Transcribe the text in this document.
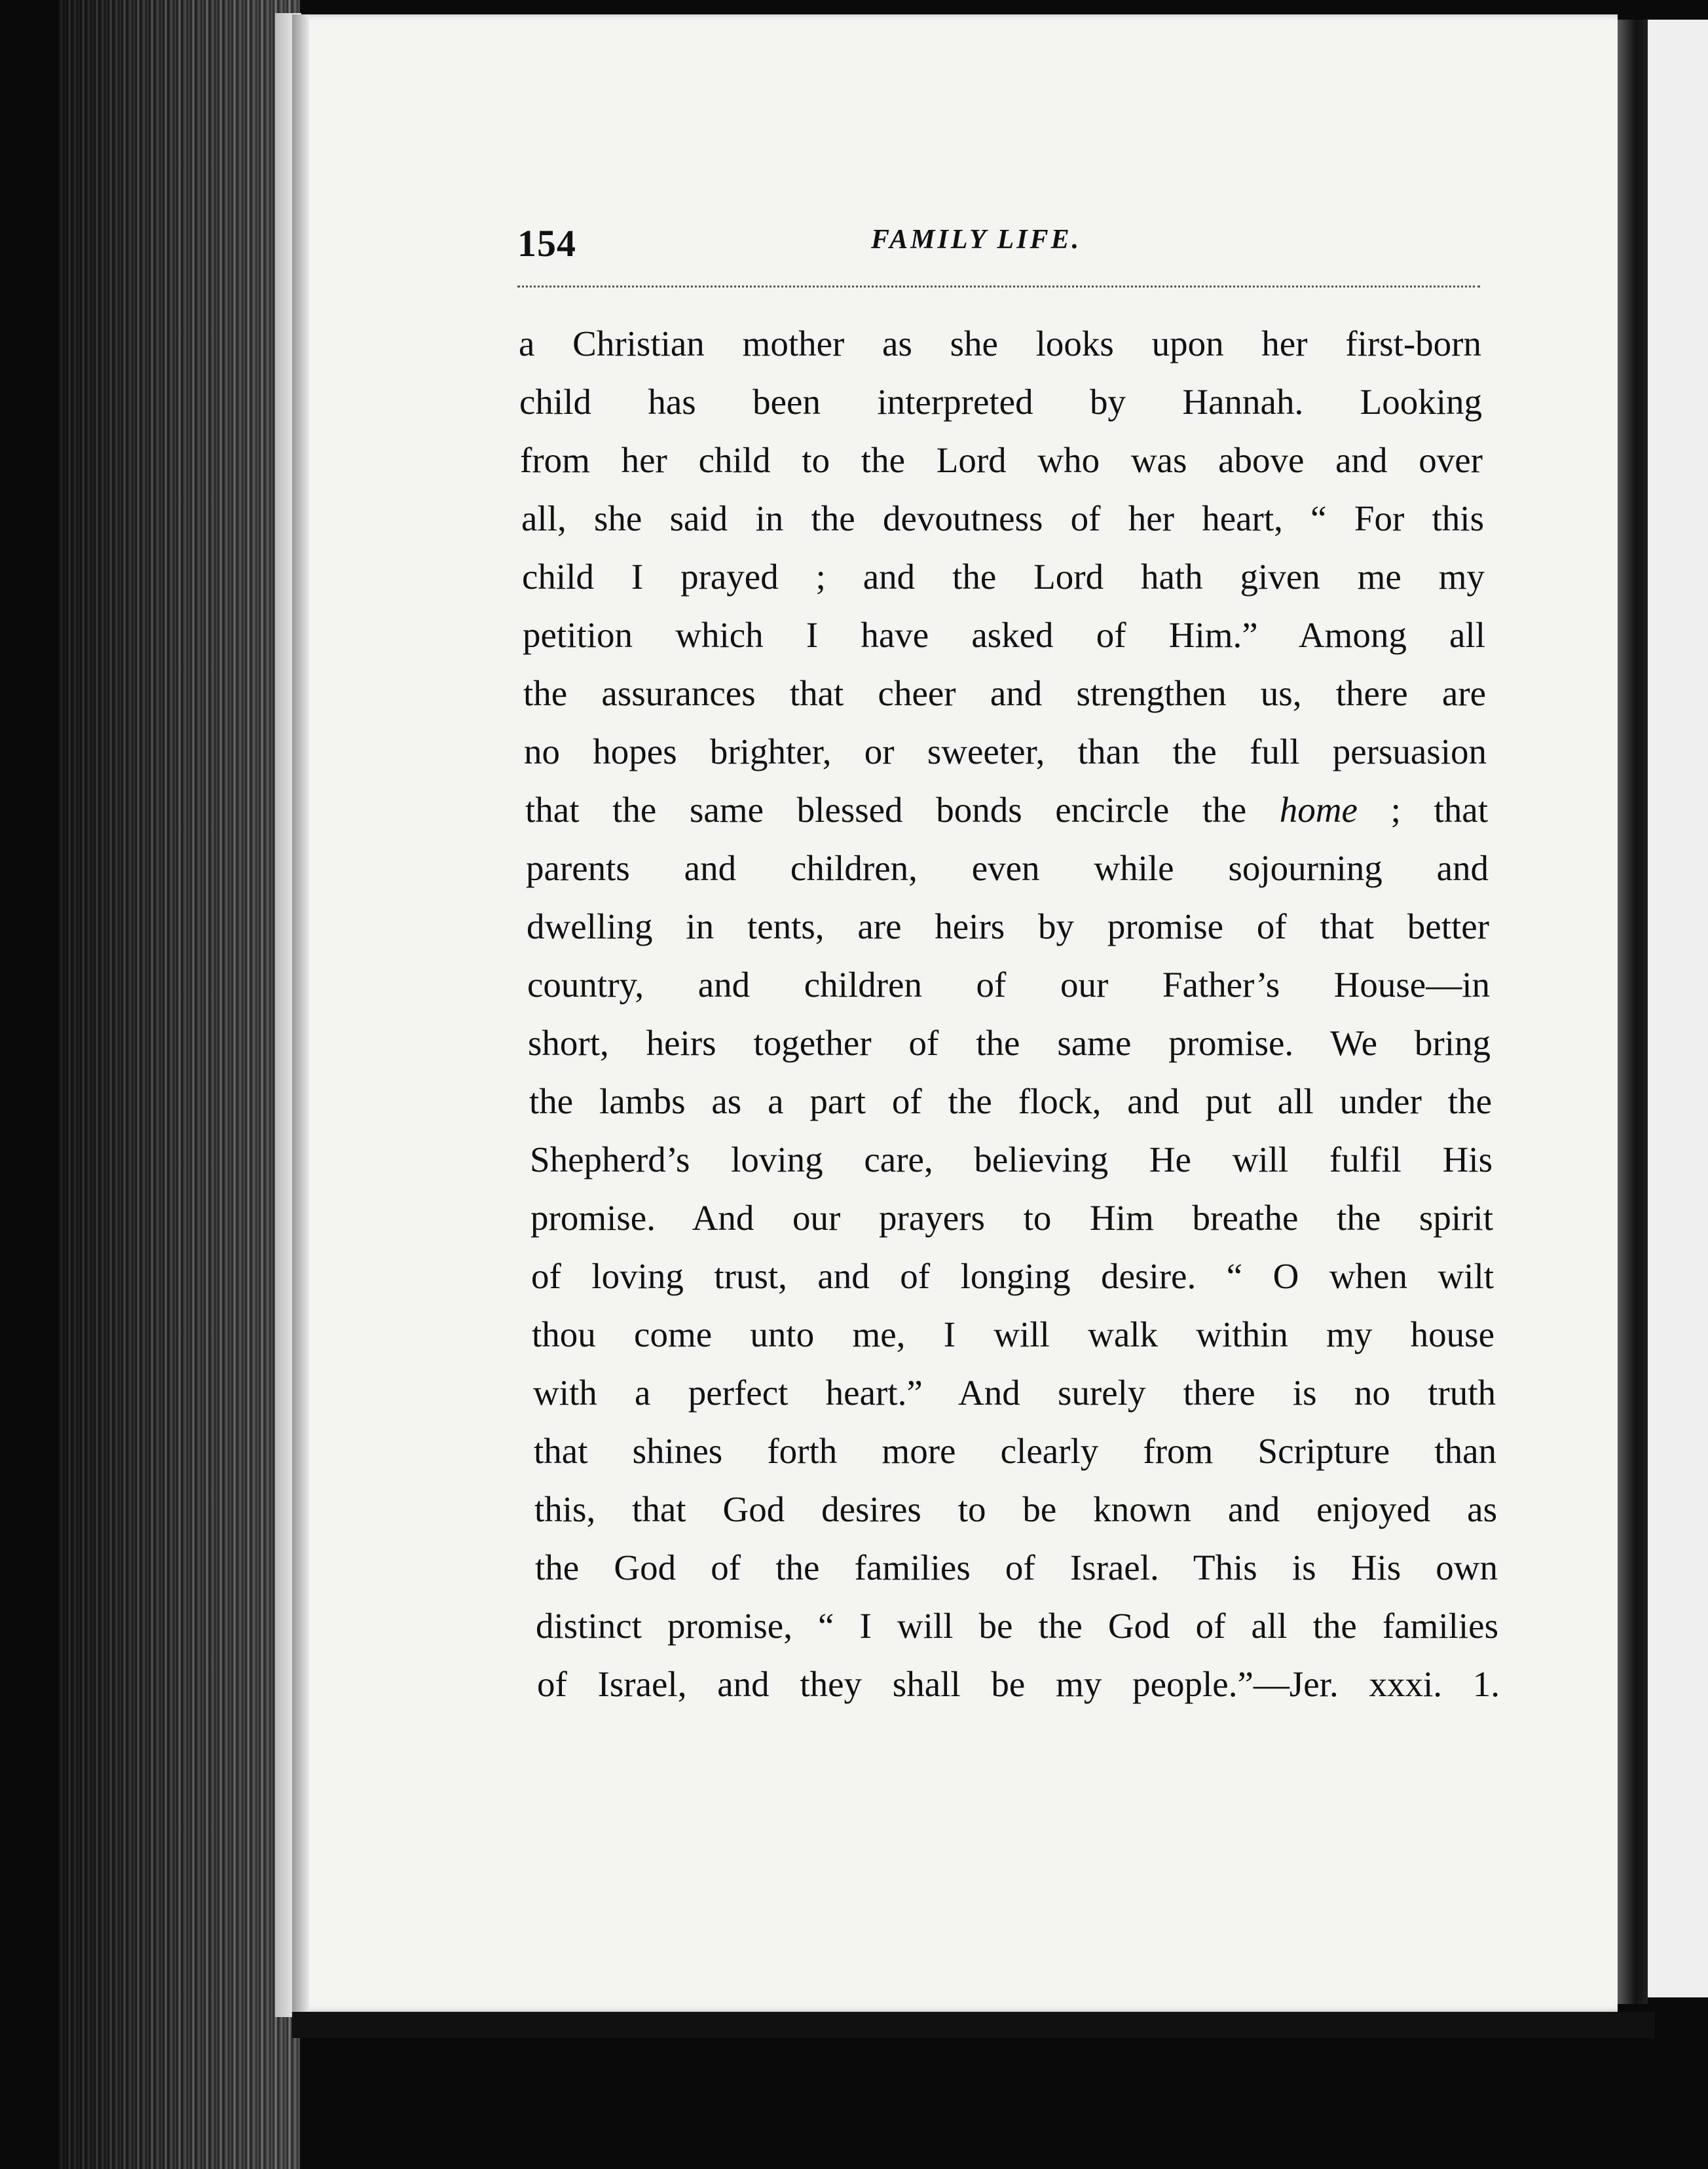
154	FAMILY LIFE.

a Christian mother as she looks upon her first-born
child has been interpreted by Hannah. Looking
from her child to the Lord who was above and over
all, she said in the devoutness of her heart, “ For this
child I prayed ; and the Lord hath given me my
petition which I have asked of Him.” Among all
the assurances that cheer and strengthen us, there are
no hopes brighter, or sweeter, than the full persuasion
that the same blessed bonds encircle the home ; that
parents and children, even while sojourning and
dwelling in tents, are heirs by promise of that better
country, and children of our Father’s House—in
short, heirs together of the same promise. We bring
the lambs as a part of the flock, and put all under the
Shepherd’s loving care, believing He will fulfil His
promise. And our prayers to Him breathe the spirit
of loving trust, and of longing desire. “ O when wilt
thou come unto me, I will walk within my house
with a perfect heart.” And surely there is no truth
that shines forth more clearly from Scripture than
this, that God desires to be known and enjoyed as
the God of the families of Israel. This is His own
distinct promise, “ I will be the God of all the families
of Israel, and they shall be my people.”—Jer. xxxi. 1.
